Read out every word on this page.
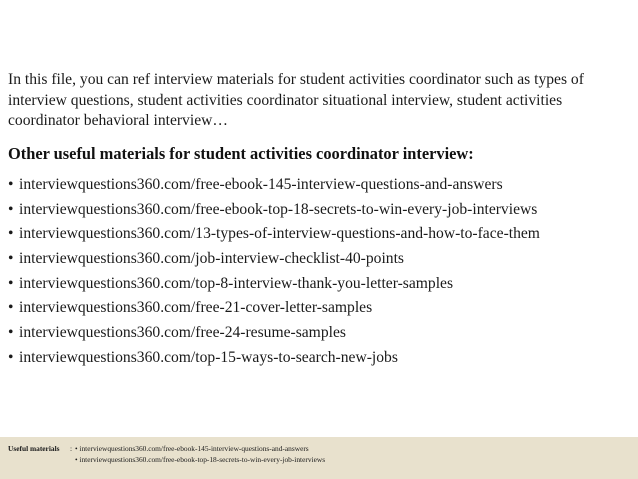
In this file, you can ref interview materials for student activities coordinator such as types of interview questions, student activities coordinator situational interview, student activities coordinator behavioral interview…

Other useful materials for student activities coordinator interview:

• interviewquestions360.com/free-ebook-145-interview-questions-and-answers
• interviewquestions360.com/free-ebook-top-18-secrets-to-win-every-job-interviews
• interviewquestions360.com/13-types-of-interview-questions-and-how-to-face-them
• interviewquestions360.com/job-interview-checklist-40-points
• interviewquestions360.com/top-8-interview-thank-you-letter-samples
• interviewquestions360.com/free-21-cover-letter-samples
• interviewquestions360.com/free-24-resume-samples
• interviewquestions360.com/top-15-ways-to-search-new-jobs
Useful materials : • interviewquestions360.com/free-ebook-145-interview-questions-and-answers
• interviewquestions360.com/free-ebook-top-18-secrets-to-win-every-job-interviews
